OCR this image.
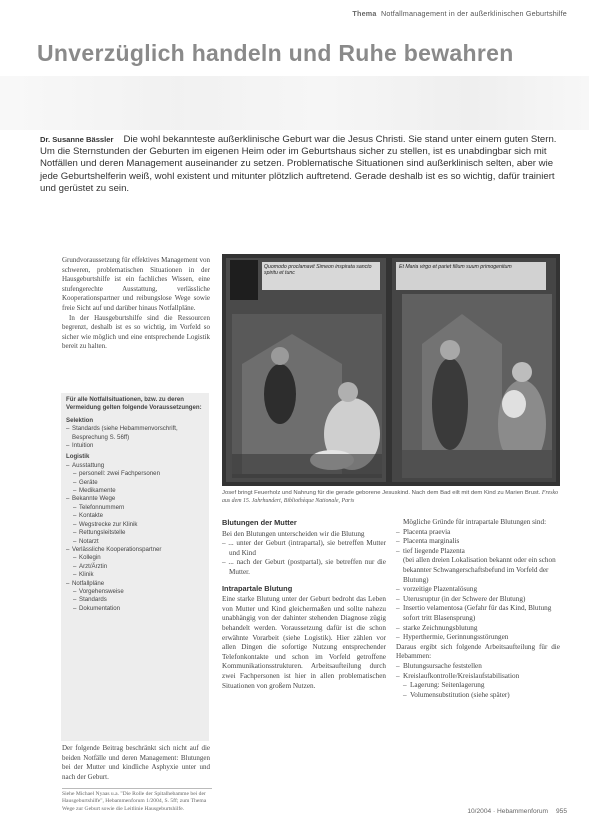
Thema Notfallmanagement in der außerklinischen Geburtshilfe
Unverzüglich handeln und Ruhe bewahren
Dr. Susanne Bässler Die wohl bekannteste außerklinische Geburt war die Jesus Christi. Sie stand unter einem guten Stern. Um die Sternstunden der Geburten im eigenen Heim oder im Geburtshaus sicher zu stellen, ist es unabdingbar sich mit Notfällen und deren Management auseinander zu setzen. Problematische Situationen sind außerklinisch selten, aber wie jede Geburtshelferin weiß, wohl existent und mitunter plötzlich auftretend. Gerade deshalb ist es so wichtig, dafür trainiert und gerüstet zu sein.

Grundvoraussetzung für effektives Management von schweren, problematischen Situationen in der Hausgeburtshilfe ist ein fachliches Wissen, eine stufengerechte Ausstattung, verlässliche Kooperationspartner und reibungslose Wege sowie freie Sicht auf und darüber hinaus Notfallpläne.

In der Hausgeburtshilfe sind die Ressourcen begrenzt, deshalb ist es so wichtig, im Vorfeld so sicher wie möglich und eine entsprechende Logistik bereit zu halten.

Für alle Notfallsituationen, bzw. zu deren Vermeidung gelten folgende Voraussetzungen:
Selektion
– Standards (siehe Hebammenvorschrift, Besprechung S. 56ff)
– Intuition
Logistik
– Ausstattung
– personell: zwei Fachpersonen
– Geräte
– Medikamente
– Bekannte Wege
– Telefonnummern
– Kontakte
– Wegstrecke zur Klinik
– Rettungsleitstelle
– Notarzt
– Verlässliche Kooperationspartner
– Kollegin
– Arzt/Ärztin
– Klinik
– Notfallpläne
– Vorgehensweise
– Standards
– Dokumentation
Der folgende Beitrag beschränkt sich nicht auf die beiden Notfälle und deren Management: Blutungen bei der Mutter und kindliche Asphyxie unter und nach der Geburt.
Siehe Michael Nyaas u.a. "Die Rolle der Spitalhebamme bei der Hausgeburtshilfe", Hebammenforum 1/2004, S. 5ff; zum Thema Wege zur Geburt sowie die Leitlinie Hausgeburtshilfe.
Quomodo proclamavit Simeon inspirata sancto spiritu et tunc
Et Maria virgo et pariet filium suum primogenitum
Josef bringt Feuerholz und Nahrung für die gerade geborene Jesuskind. Nach dem Bad eilt mit dem Kind zu Marien Brust. Fresko aus dem 15. Jahrhundert, Bibliothèque Nationale, Paris
Blutungen der Mutter

Bei den Blutungen unterscheiden wir die Blutung

– ... unter der Geburt (intrapartal), sie betreffen Mutter und Kind

– ... nach der Geburt (postpartal), sie betreffen nur die Mutter.

Intrapartale Blutung

Eine starke Blutung unter der Geburt bedroht das Leben von Mutter und Kind gleichermaßen und sollte nahezu unabhängig von der dahinter stehenden Diagnose zügig behandelt werden. Voraussetzung dafür ist die schon erwähnte Vorarbeit (siehe Logistik). Hier zählen vor allen Dingen die sofortige Nutzung entsprechender Telefonkontakte und schon im Vorfeld getroffene Kommunikationsstrukturen. Arbeitsaufteilung durch zwei Fachpersonen ist hier in allen problematischen Situationen von großem Nutzen.

Mögliche Gründe für intrapartale Blutungen sind:

– Placenta praevia
– Placenta marginalis
– tief liegende Plazenta
(bei allen dreien Lokalisation bekannt oder ein schon bekannter Schwangerschaftsbefund im Vorfeld der Blutung)
– vorzeitige Plazentalösung
– Uterusruptur (in der Schwere der Blutung)
– Insertio velamentosa (Gefahr für das Kind, Blutung sofort tritt Blasensprung)
– starke Zeichnungsblutung
– Hyperthermie, Gerinnungsstörungen

Daraus ergibt sich folgende Arbeitsaufteilung für die Hebammen:

– Blutungsursache feststellen
– Kreislaufkontrolle/Kreislaufstabilisation
– Lagerung: Seitenlagerung
– Volumensubstitution (siehe später)
10/2004 · Hebammenforum 955
